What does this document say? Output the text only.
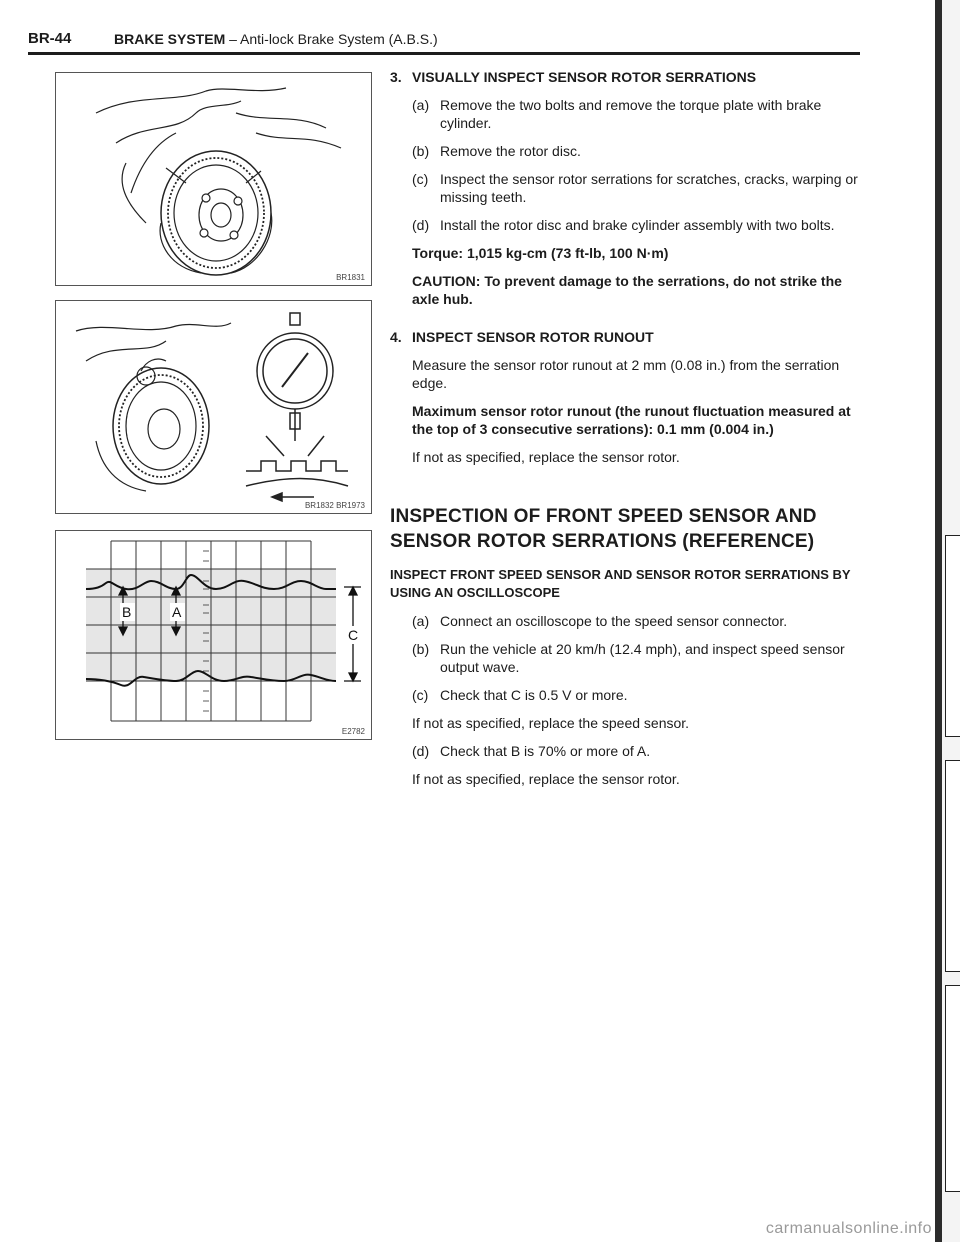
BR-44	BRAKE SYSTEM – Anti-lock Brake System (A.B.S.)
BR1831
BR1832 BR1973
B	A
C
E2782

3. VISUALLY INSPECT SENSOR ROTOR SERRATIONS

(a) Remove the two bolts and remove the torque plate with brake cylinder.

(b) Remove the rotor disc.

(c) Inspect the sensor rotor serrations for scratches, cracks, warping or missing teeth.

(d) Install the rotor disc and brake cylinder assembly with two bolts.

Torque: 1,015 kg-cm (73 ft-lb, 100 N·m)

CAUTION: To prevent damage to the serrations, do not strike the axle hub.

4. INSPECT SENSOR ROTOR RUNOUT

Measure the sensor rotor runout at 2 mm (0.08 in.) from the serration edge.

Maximum sensor rotor runout (the runout fluctuation measured at the top of 3 consecutive serrations): 0.1 mm (0.004 in.)

If not as specified, replace the sensor rotor.

INSPECTION OF FRONT SPEED SENSOR AND SENSOR ROTOR SERRATIONS (REFERENCE)

INSPECT FRONT SPEED SENSOR AND SENSOR ROTOR SERRATIONS BY USING AN OSCILLOSCOPE

(a) Connect an oscilloscope to the speed sensor connector.

(b) Run the vehicle at 20 km/h (12.4 mph), and inspect speed sensor output wave.

(c) Check that C is 0.5 V or more.

If not as specified, replace the speed sensor.

(d) Check that B is 70% or more of A.

If not as specified, replace the sensor rotor.

carmanualsonline.info
